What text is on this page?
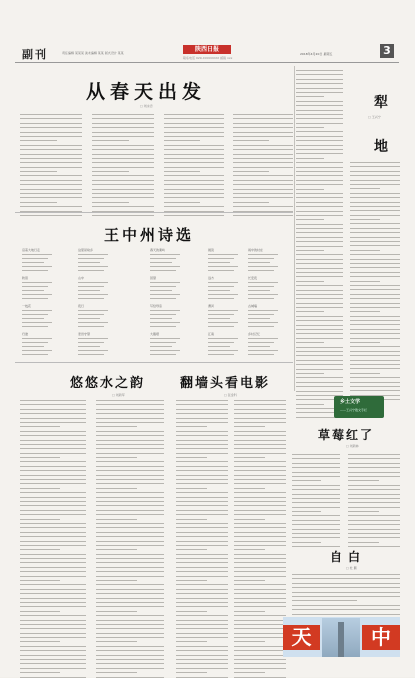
副刊	责任编辑 某某某 美术编辑 某某 版式设计 某某	陕西日报
联系电话 029-XXXXXXXX 邮箱 xxx
2018年4月20日 星期五	3
从春天出发
□ 刘永忠	犁
□ 王兴宁
地
王中州诗选
沿着大地行走	这里是故乡	春天的秦岭	晨读	雨中的村庄
秋思	山中	回望	远方	长安夜
一枝花	夜行	写给母亲	渭河	古城墙
归途	麦田守望	大雁塔	江南	乡村记忆
悠悠水之韵
□ 刘新军
翻墙头看电影
□ 张金科
乡土文学
——王兴宁散文专栏
草莓红了
□ 刘新林
自白
□ 杜 鹏
天	中
